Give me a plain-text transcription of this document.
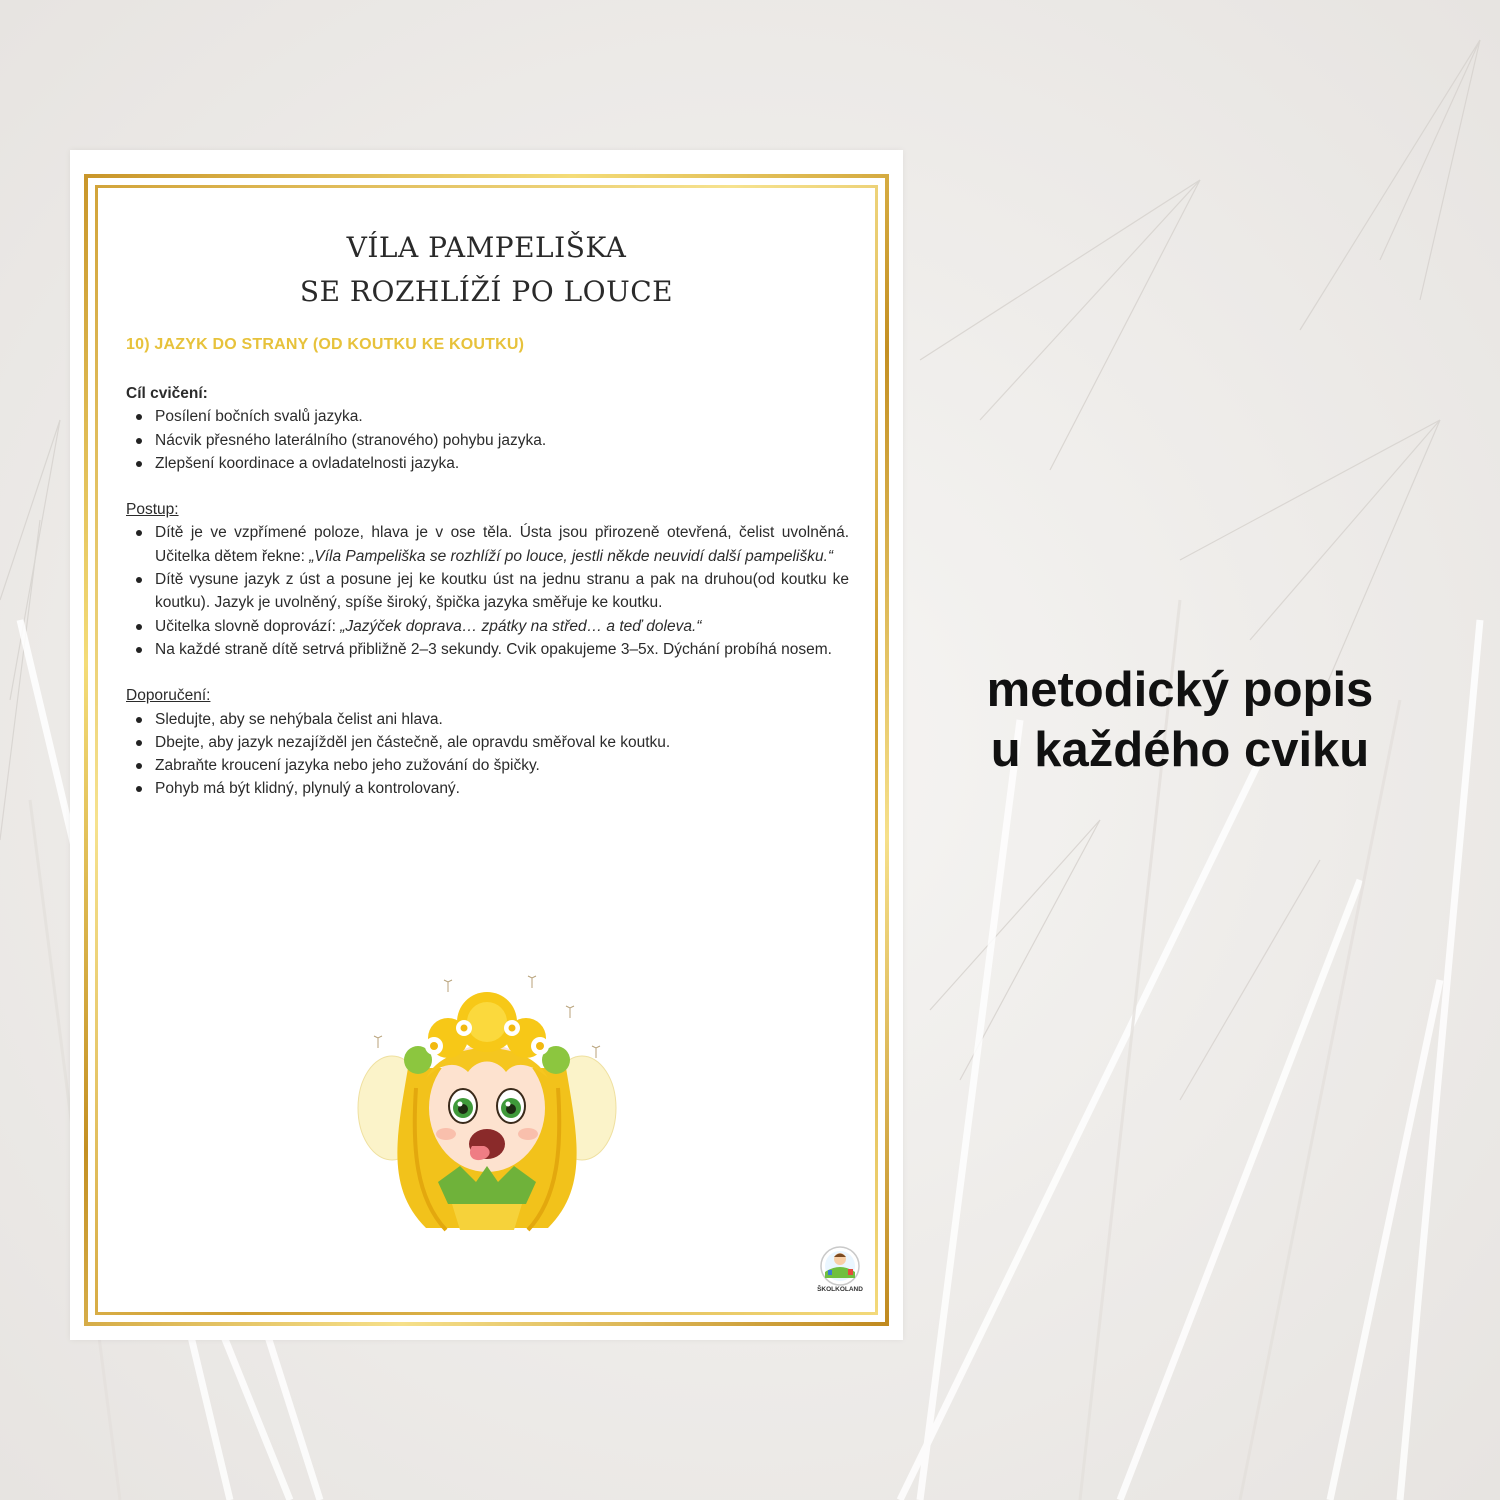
VÍLA PAMPELIŠKA
SE ROZHLÍŽÍ PO LOUCE
10) JAZYK DO STRANY (OD KOUTKU KE KOUTKU)
Cíl cvičení:
Posílení bočních svalů jazyka.
Nácvik přesného laterálního (stranového) pohybu jazyka.
Zlepšení koordinace a ovladatelnosti jazyka.
Postup:
Dítě je ve vzpřímené poloze, hlava je v ose těla. Ústa jsou přirozeně otevřená, čelist uvolněná. Učitelka dětem řekne: „Víla Pampeliška se rozhlíží po louce, jestli někde neuvidí další pampelišku.“
Dítě vysune jazyk z úst a posune jej ke koutku úst na jednu stranu a pak na druhou(od koutku ke koutku). Jazyk je uvolněný, spíše široký, špička jazyka směřuje ke koutku.
Učitelka slovně doprovází: „Jazýček doprava… zpátky na střed… a teď doleva.“
Na každé straně dítě setrvá přibližně 2–3 sekundy. Cvik opakujeme 3–5x. Dýchání probíhá nosem.
Doporučení:
Sledujte, aby se nehýbala čelist ani hlava.
Dbejte, aby jazyk nezajížděl jen částečně, ale opravdu směřoval ke koutku.
Zabraňte kroucení jazyka nebo jeho zužování do špičky.
Pohyb má být klidný, plynulý a kontrolovaný.
ŠKOLKOLAND
metodický popis
u každého cviku
